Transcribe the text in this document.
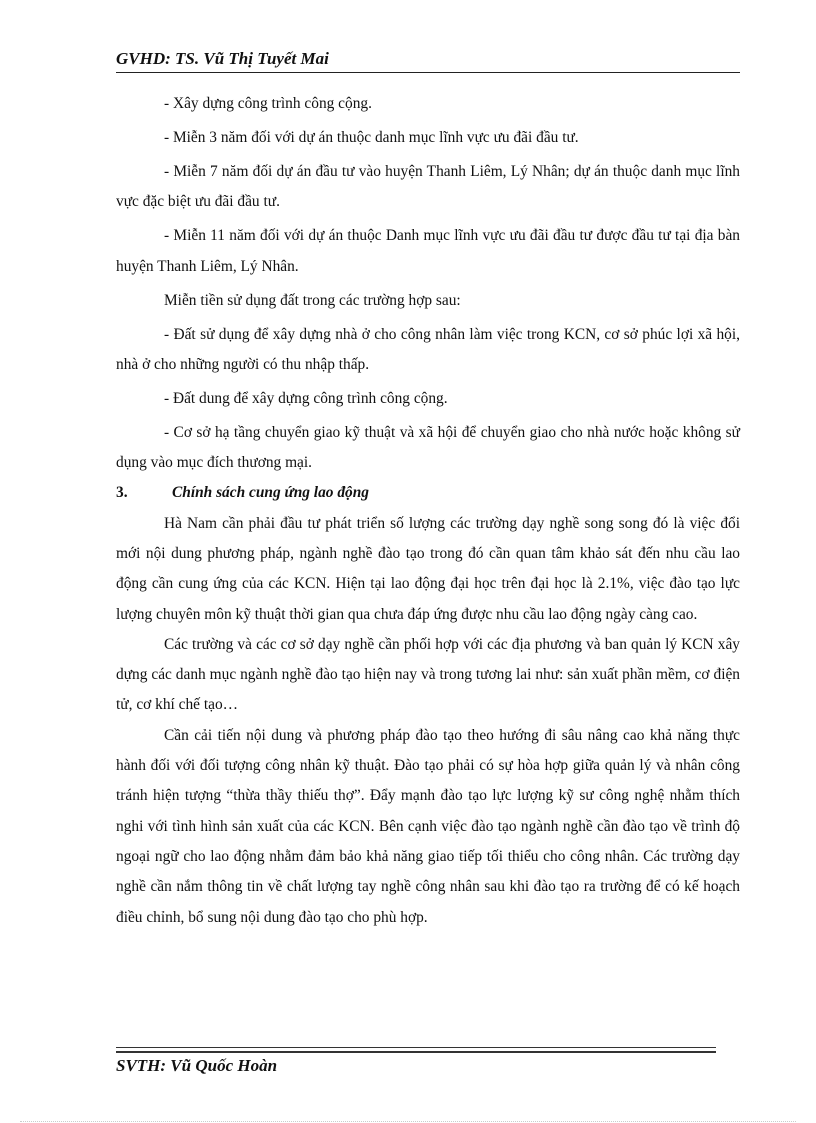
GVHD: TS. Vũ Thị Tuyết Mai

- Xây dựng công trình công cộng.

- Miễn 3 năm đối với dự án thuộc danh mục lĩnh vực ưu đãi đầu tư.

- Miễn 7 năm đối dự án đầu tư vào huyện Thanh Liêm, Lý Nhân; dự án thuộc danh mục lĩnh vực đặc biệt ưu đãi đầu tư.

- Miễn 11 năm đối với dự án thuộc Danh mục lĩnh vực ưu đãi đầu tư được đầu tư tại địa bàn huyện Thanh Liêm, Lý Nhân.

Miễn tiền sử dụng đất trong các trường hợp sau:

- Đất sử dụng để xây dựng nhà ở cho công nhân làm việc trong KCN, cơ sở phúc lợi xã hội, nhà ở cho những người có thu nhập thấp.

- Đất dung để xây dựng công trình công cộng.

- Cơ sở hạ tầng chuyển giao kỹ thuật và xã hội để chuyển giao cho nhà nước hoặc không sử dụng vào mục đích thương mại.

3.	Chính sách cung ứng lao động

Hà Nam cần phải đầu tư phát triển số lượng các trường dạy nghề song song đó là việc đổi mới nội dung phương pháp, ngành nghề đào tạo trong đó cần quan tâm khảo sát đến nhu cầu lao động cần cung ứng của các KCN. Hiện tại lao động đại học trên đại học là 2.1%, việc đào tạo lực lượng chuyên môn kỹ thuật thời gian qua chưa đáp ứng được nhu cầu lao động ngày càng cao.

Các trường và các cơ sở dạy nghề cần phối hợp với các địa phương và ban quản lý KCN xây dựng các danh mục ngành nghề đào tạo hiện nay và trong tương lai như: sản xuất phần mềm, cơ điện tử, cơ khí chế tạo…

Cần cải tiến nội dung và phương pháp đào tạo theo hướng đi sâu nâng cao khả năng thực hành đối với đối tượng công nhân kỹ thuật. Đào tạo phải có sự hòa hợp giữa quản lý và nhân công tránh hiện tượng “thừa thầy thiếu thợ”. Đẩy mạnh đào tạo lực lượng kỹ sư công nghệ nhằm thích nghi với tình hình sản xuất của các KCN. Bên cạnh việc đào tạo ngành nghề cần đào tạo về trình độ ngoại ngữ cho lao động nhằm đảm bảo khả năng giao tiếp tối thiểu cho công nhân. Các trường dạy nghề cần nắm thông tin về chất lượng tay nghề công nhân sau khi đào tạo ra trường để có kế hoạch điều chỉnh, bổ sung nội dung đào tạo cho phù hợp.

SVTH: Vũ Quốc Hoàn
